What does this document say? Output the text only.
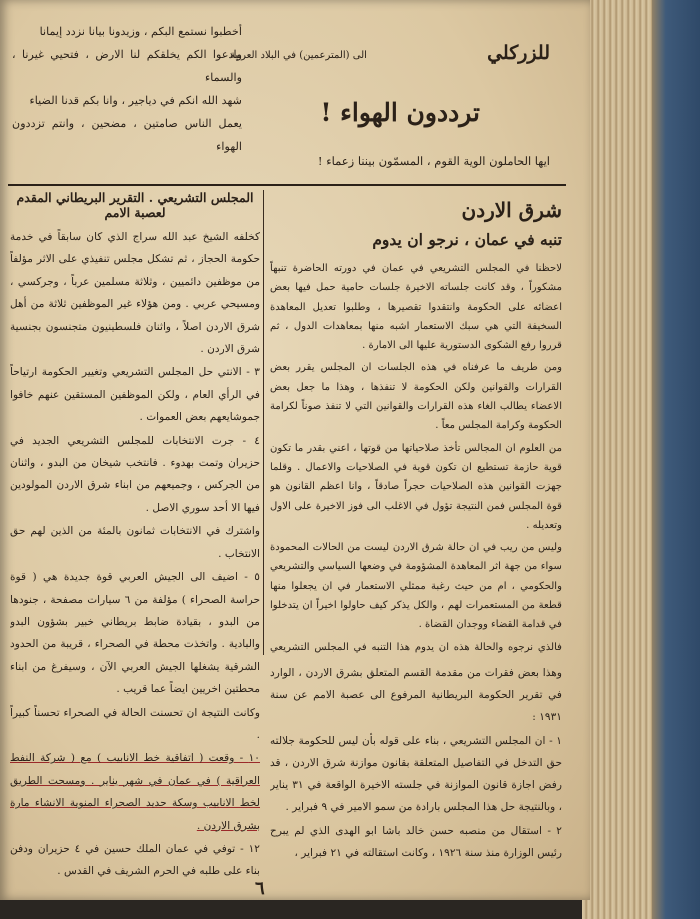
أخطبوا نستمع البكم ، وزيدونا بيانا نزدد إيمانا

وادعوا الكم يخلقكم لنا الارض ، فتحيي غيرنا ، والسماء

شهد الله انكم في دياجير ، وانا بكم قدنا الضياء

يعمل الناس صامتين ، مضحين ، وانتم تزددون الهواء

للزركلي
الى (المترعمين) في البلاد العربية
ترددون الهواء !
ايها الحاملون الوية القوم ، المسمّون بيننا زعماء !
المجلس التشريعي . التقرير البريطاني المقدم لعصبة الامم

كخلفه الشيخ عبد الله سراج الذي كان سابقاً في خدمة حكومة الحجاز ، ثم تشكل مجلس تنفيذي على الاثر مؤلفاً من موظفين دائميين ، وثلاثة مسلمين عرباً ، وجركسي ، ومسيحي عربي . ومن هؤلاء غير الموظفين ثلاثة من أهل شرق الاردن اصلاً ، واثنان فلسطينيون متجنسون بجنسية شرق الاردن .

٣ - الانتي حل المجلس التشريعي وتغيير الحكومة ارتياحاً في الرأي العام ، ولكن الموظفين المستقين عنهم خافوا جموشايعهم بعض العموات .

٤ - جرت الانتخابات للمجلس التشريعي الجديد في حزيران وتمت بهدوء . فانتخب شيخان من البدو ، واثنان من الجركس ، وجميعهم من ابناء شرق الاردن المولودين فيها الا أحد سوري الاصل .

واشترك في الانتخابات ثمانون بالمئة من الذين لهم حق الانتخاب .

٥ - اضيف الى الجيش العربي قوة جديدة هي ( قوة حراسة الصحراء ) مؤلفة من ٦ سيارات مصفحة ، جنودها من البدو ، بقيادة ضابط بريطاني خبير بشؤون البدو والبادية . واتخذت محطة في الصحراء ، قريبة من الحدود الشرقية يشغلها الجيش العربي الآن ، وسيفرغ من ابناء محطتين اخريين ايضاً عما قريب .

وكانت النتيجة ان تحسنت الحالة في الصحراء تحسناً كبيراً .

١٠ - وقعت ( اتفاقية خط الانابيب ) مع ( شركة النفط العراقية ) في عمان في شهر يناير . ومسحت الطريق لخط الانابيب وسكة حديد الصحراء المنوية الانشاء مارة بشرق الاردن .

١٢ - توفي في عمان الملك حسين في ٤ حزيران ودفن بناء على طلبه في الحرم الشريف في القدس .

شرق الاردن
تنبه في عمان ، نرجو ان يدوم

لاحظنا في المجلس التشريعي في عمان في دورته الحاضرة تنبهاً مشكوراً ، وقد كانت جلساته الاخيرة جلسات حامية حمل فيها بعض اعضائه على الحكومة وانتقدوا تقصيرها ، وطلبوا تعديل المعاهدة السخيفة التي هي سبك الاستعمار اشبه منها بمعاهدات الدول ، ثم قرروا رفع الشكوى الدستورية عليها الى الامارة .

ومن طريف ما عرفناه في هذه الجلسات ان المجلس يقرر بعض القرارات والقوانين ولكن الحكومة لا تنفذها ، وهذا ما جعل بعض الاعضاء يطالب الغاء هذه القرارات والقوانين التي لا تنفذ صوناً لكرامة الحكومة وكرامة المجلس معاً .

من العلوم ان المجالس تأخذ صلاحياتها من قوتها ، اعني بقدر ما تكون قوية حازمة تستطيع ان تكون قوية في الصلاحيات والاعمال . وقلما جهزت القوانين هذه الصلاحيات حجراً صادقاً ، وانا اعظم القانون هو قوة المجلس فمن النتيجة تؤول في الاغلب الى فوز الاخيرة على الاول وتعديله .

وليس من ريب في ان حالة شرق الاردن ليست من الحالات المحمودة سواء من جهة اثر المعاهدة المشؤومة في وضعها السياسي والتشريعي والحكومي ، ام من حيث رغبة ممثلي الاستعمار في ان يجعلوا منها قطعة من المستعمرات لهم ، والكل يذكر كيف حاولوا اخيراً ان يتدخلوا في قدامة القضاء ووجدان القضاة .

فالذي نرجوه والحالة هذه ان يدوم هذا التنبه في المجلس التشريعي

وهذا بعض فقرات من مقدمة القسم المتعلق بشرق الاردن ، الوارد في تقرير الحكومة البريطانية المرفوع الى عصبة الامم عن سنة ١٩٣١ :

١ - ان المجلس التشريعي ، بناء على قوله بأن ليس للحكومة جلالته حق التدخل في التفاصيل المتعلقة بقانون موازنة شرق الاردن ، قد رفض اجازة قانون الموازنة في جلسته الاخيرة الواقعة في ٣١ يناير ، وبالنتيجة حل هذا المجلس بارادة من سمو الامير في ٩ فبراير .

٢ - استقال من منصبه حسن خالد باشا ابو الهدى الذي لم يبرح رئيس الوزارة منذ سنة ١٩٢٦ ، وكانت استقالته في ٢١ فبراير ،

٦
